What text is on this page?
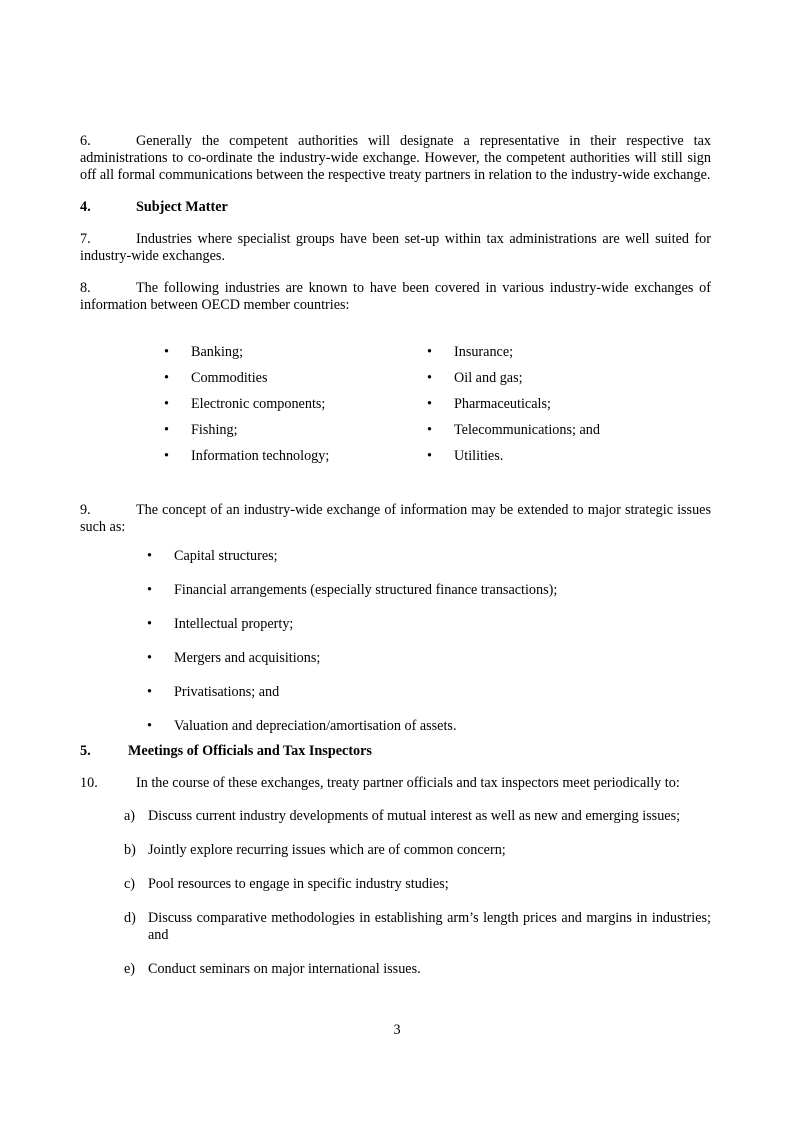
6.	Generally the competent authorities will designate a representative in their respective tax administrations to co-ordinate the industry-wide exchange. However, the competent authorities will still sign off all formal communications between the respective treaty partners in relation to the industry-wide exchange.

4.	Subject Matter

7.	Industries where specialist groups have been set-up within tax administrations are well suited for industry-wide exchanges.

8.	The following industries are known to have been covered in various industry-wide exchanges of information between OECD member countries:

• Banking;
• Commodities
• Electronic components;
• Fishing;
• Information technology;
• Insurance;
• Oil and gas;
• Pharmaceuticals;
• Telecommunications; and
• Utilities.

9.	The concept of an industry-wide exchange of information may be extended to major strategic issues such as:

• Capital structures;
• Financial arrangements (especially structured finance transactions);
• Intellectual property;
• Mergers and acquisitions;
• Privatisations; and
• Valuation and depreciation/amortisation of assets.

5.	Meetings of Officials and Tax Inspectors

10.	In the course of these exchanges, treaty partner officials and tax inspectors meet periodically to:

a) Discuss current industry developments of mutual interest as well as new and emerging issues;
b) Jointly explore recurring issues which are of common concern;
c) Pool resources to engage in specific industry studies;
d) Discuss comparative methodologies in establishing arm’s length prices and margins in industries; and
e) Conduct seminars on major international issues.
3
